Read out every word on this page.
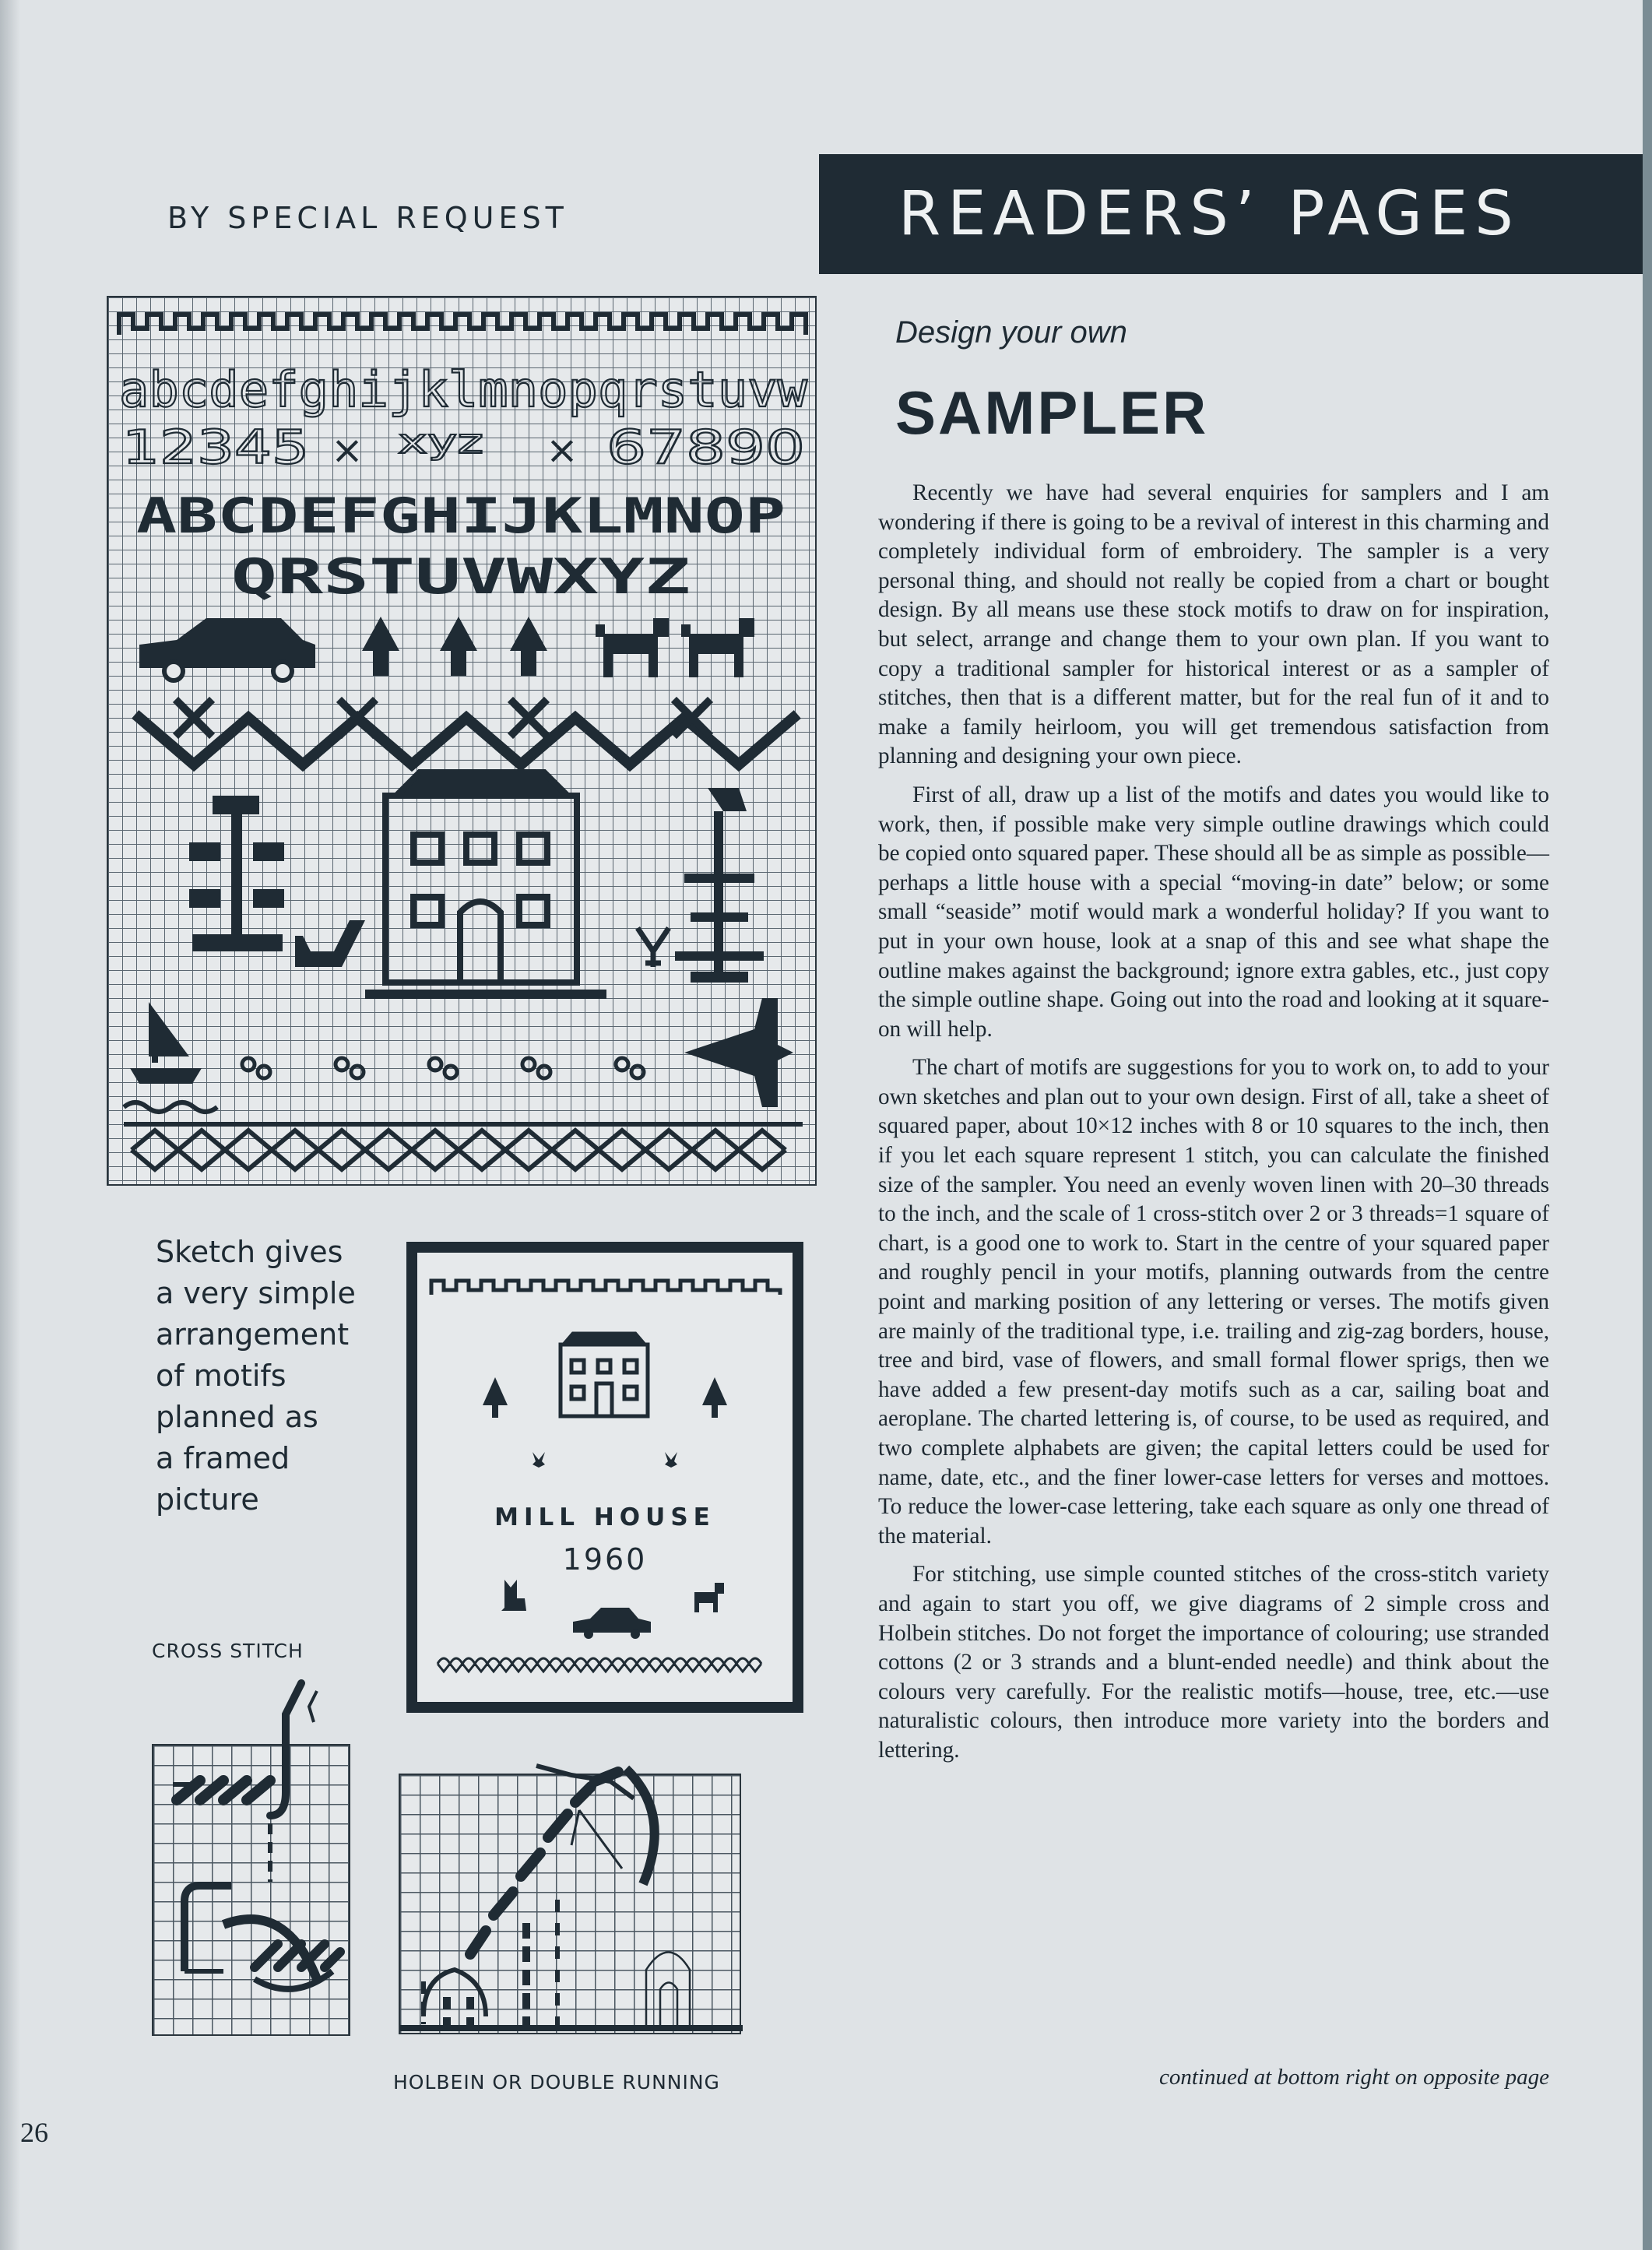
BY SPECIAL REQUEST	READERS’ PAGES
Design your own
SAMPLER

Recently we have had several enquiries for samplers and I am wondering if there is going to be a revival of interest in this charming and completely individual form of embroidery. The sampler is a very personal thing, and should not really be copied from a chart or bought design. By all means use these stock motifs to draw on for inspiration, but select, arrange and change them to your own plan. If you want to copy a traditional sampler for historical interest or as a sampler of stitches, then that is a different matter, but for the real fun of it and to make a family heirloom, you will get tremendous satisfaction from planning and designing your own piece.

First of all, draw up a list of the motifs and dates you would like to work, then, if possible make very simple outline drawings which could be copied onto squared paper. These should all be as simple as possible—perhaps a little house with a special “moving-in date” below; or some small “seaside” motif would mark a wonderful holiday? If you want to put in your own house, look at a snap of this and see what shape the outline makes against the background; ignore extra gables, etc., just copy the simple outline shape. Going out into the road and looking at it square-on will help.

The chart of motifs are suggestions for you to work on, to add to your own sketches and plan out to your own design. First of all, take a sheet of squared paper, about 10×12 inches with 8 or 10 squares to the inch, then if you let each square represent 1 stitch, you can calculate the finished size of the sampler. You need an evenly woven linen with 20–30 threads to the inch, and the scale of 1 cross-stitch over 2 or 3 threads=1 square of chart, is a good one to work to. Start in the centre of your squared paper and roughly pencil in your motifs, planning outwards from the centre point and marking position of any lettering or verses. The motifs given are mainly of the traditional type, i.e. trailing and zig-zag borders, house, tree and bird, vase of flowers, and small formal flower sprigs, then we have added a few present-day motifs such as a car, sailing boat and aeroplane. The charted lettering is, of course, to be used as required, and two complete alphabets are given; the capital letters could be used for name, date, etc., and the finer lower-case letters for verses and mottoes. To reduce the lower-case lettering, take each square as only one thread of the material.

For stitching, use simple counted stitches of the cross-stitch variety and again to start you off, we give diagrams of 2 simple cross and Holbein stitches. Do not forget the importance of colouring; use stranded cottons (2 or 3 strands and a blunt-ended needle) and think about the colours very carefully. For the realistic motifs—house, tree, etc.—use naturalistic colours, then introduce more variety into the borders and lettering.

continued at bottom right on opposite page
abcdefghijklmnopqrstuvw
12345 × xyz × 67890
ABCDEFGHIJKLMNOP
QRSTUVWXYZ
Sketch gives
a very simple
arrangement
of motifs
planned as
a framed
picture
MILL HOUSE
1960
CROSS STITCH
HOLBEIN OR DOUBLE RUNNING
26
